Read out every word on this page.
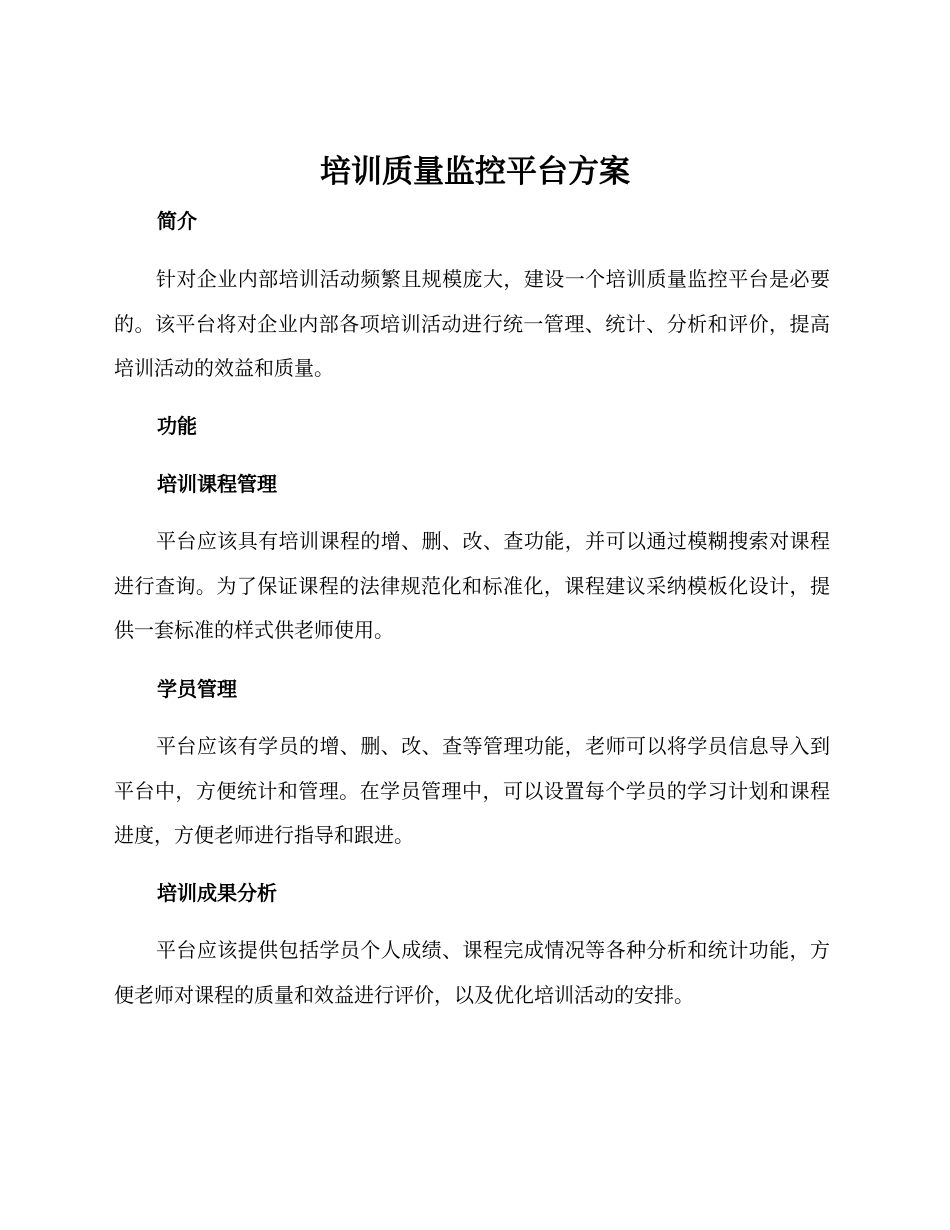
培训质量监控平台方案
简介

针对企业内部培训活动频繁且规模庞大，建设一个培训质量监控平台是必要的。该平台将对企业内部各项培训活动进行统一管理、统计、分析和评价，提高培训活动的效益和质量。

功能
培训课程管理

平台应该具有培训课程的增、删、改、查功能，并可以通过模糊搜索对课程进行查询。为了保证课程的法律规范化和标准化，课程建议采纳模板化设计，提供一套标准的样式供老师使用。

学员管理

平台应该有学员的增、删、改、查等管理功能，老师可以将学员信息导入到平台中，方便统计和管理。在学员管理中，可以设置每个学员的学习计划和课程进度，方便老师进行指导和跟进。

培训成果分析

平台应该提供包括学员个人成绩、课程完成情况等各种分析和统计功能，方便老师对课程的质量和效益进行评价，以及优化培训活动的安排。
